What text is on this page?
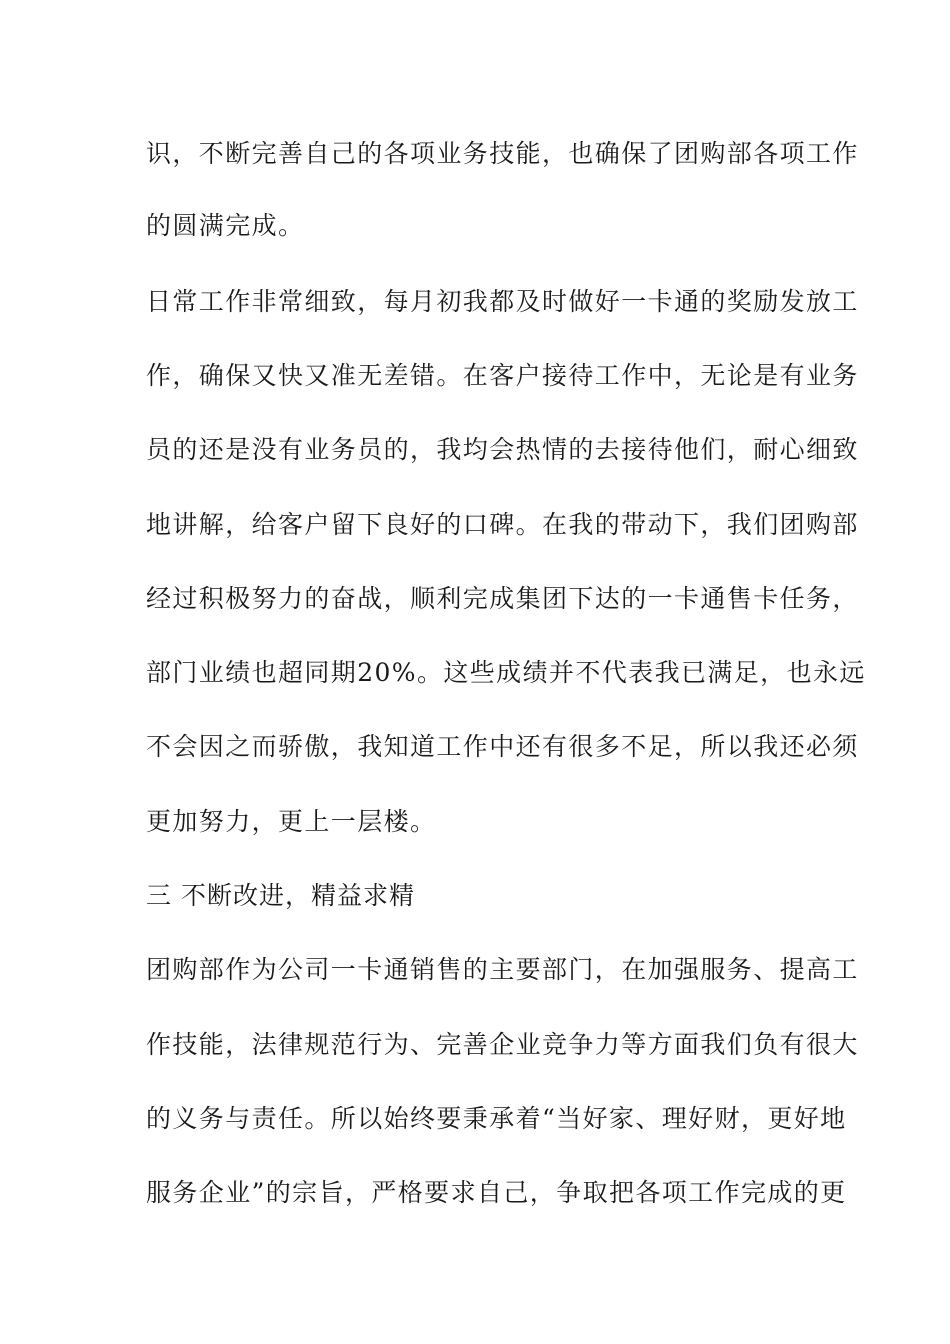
识，不断完善自己的各项业务技能，也确保了团购部各项工作
的圆满完成。
日常工作非常细致，每月初我都及时做好一卡通的奖励发放工
作，确保又快又准无差错。在客户接待工作中，无论是有业务
员的还是没有业务员的，我均会热情的去接待他们，耐心细致
地讲解，给客户留下良好的口碑。在我的带动下，我们团购部
经过积极努力的奋战，顺利完成集团下达的一卡通售卡任务，
部门业绩也超同期20%。这些成绩并不代表我已满足，也永远
不会因之而骄傲，我知道工作中还有很多不足，所以我还必须
更加努力，更上一层楼。
三 不断改进，精益求精
团购部作为公司一卡通销售的主要部门，在加强服务、提高工
作技能，法律规范行为、完善企业竞争力等方面我们负有很大
的义务与责任。所以始终要秉承着“当好家、理好财，更好地
服务企业”的宗旨，严格要求自己，争取把各项工作完成的更
